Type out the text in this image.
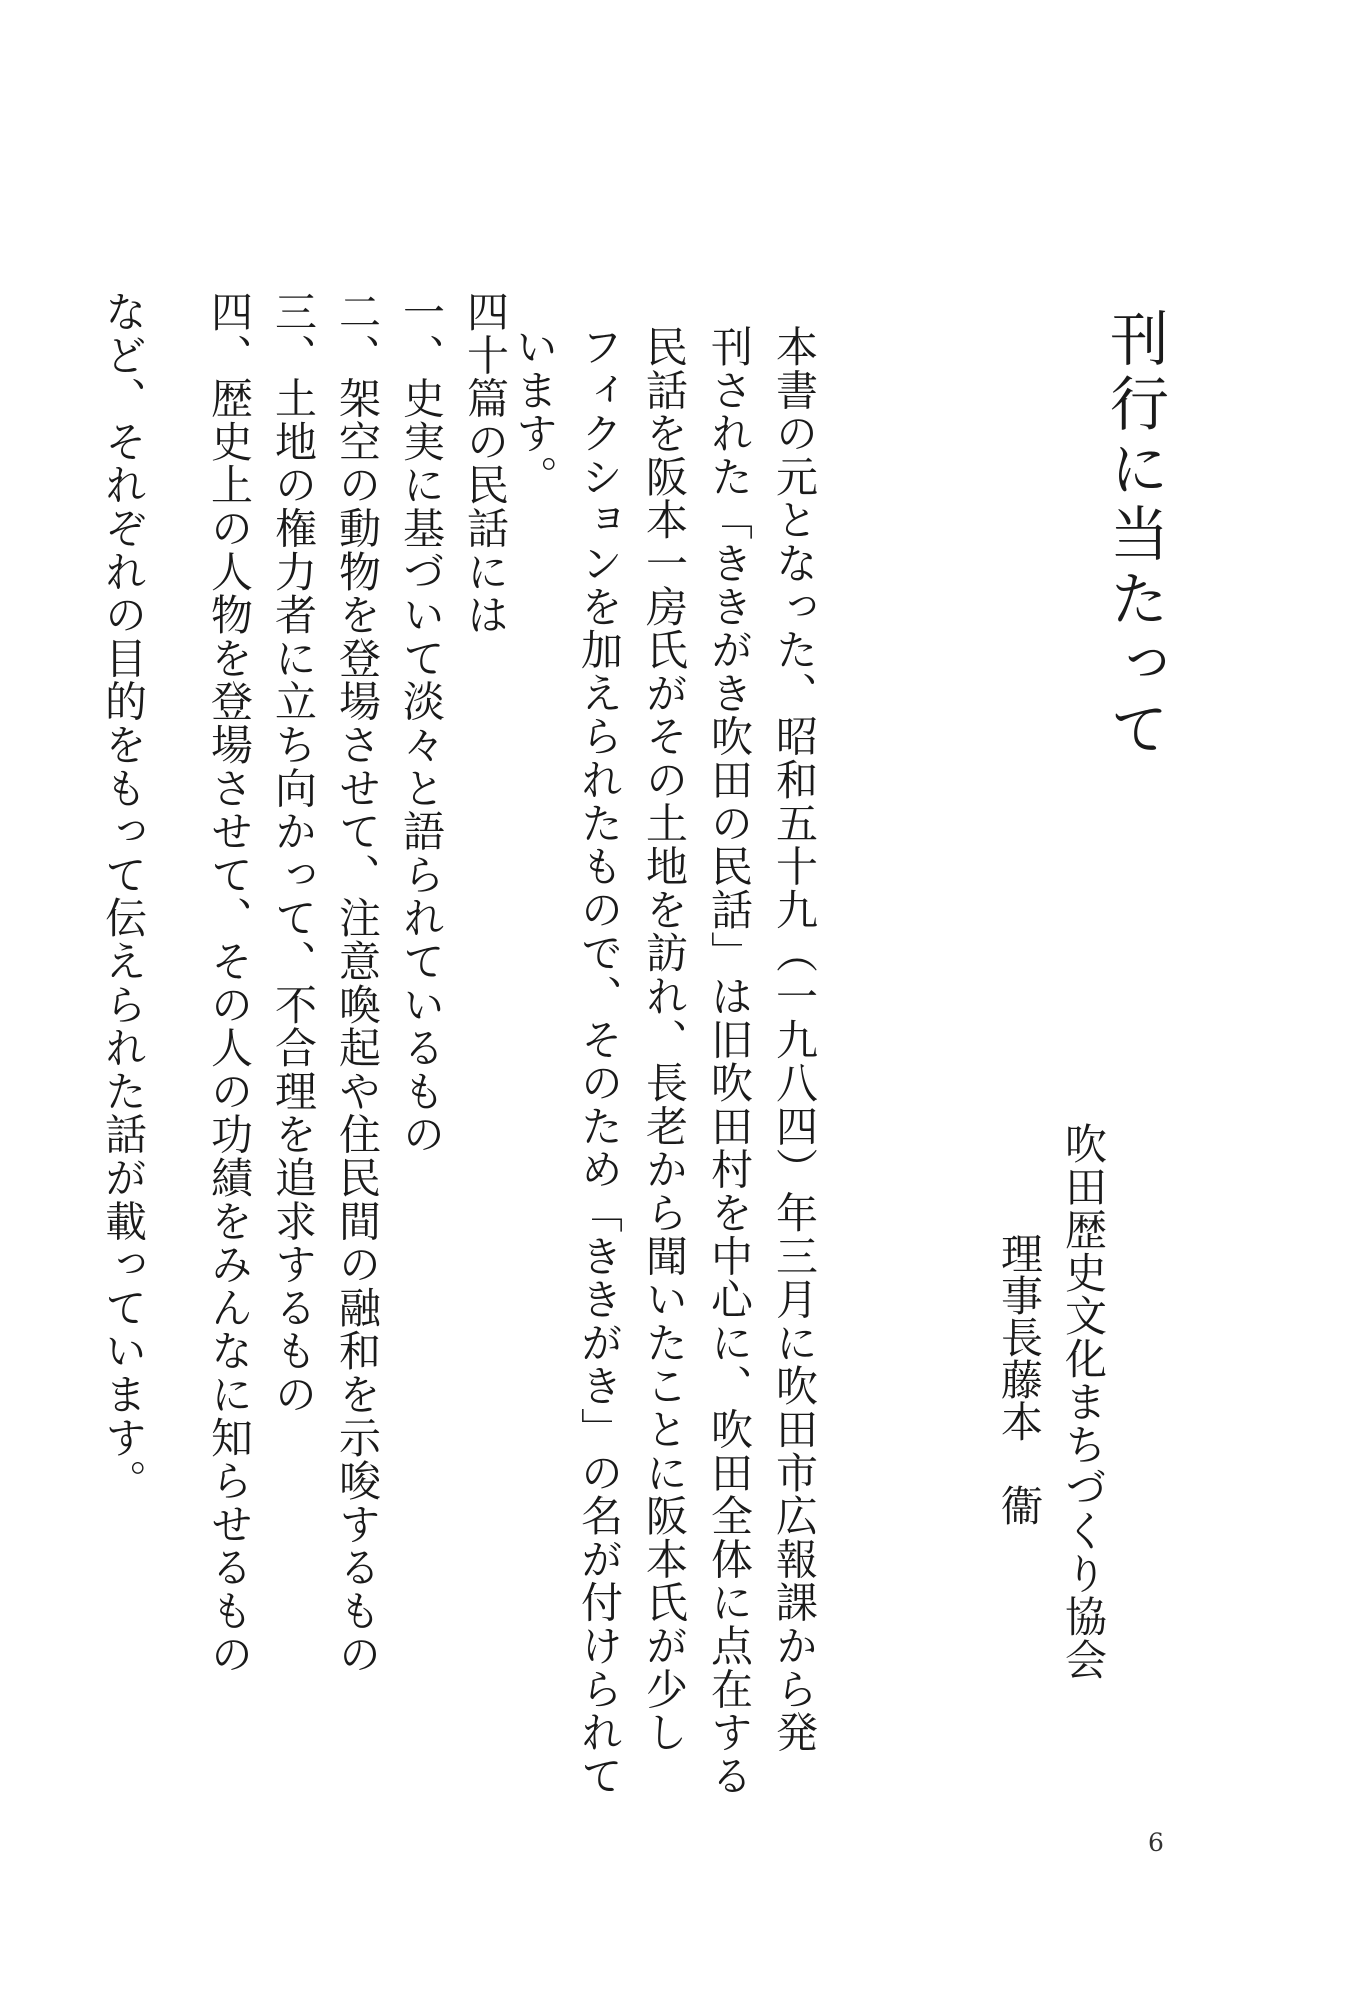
刊行に当たって
吹田歴史文化まちづくり協会
理事長
藤本　衞

本書の元となった、昭和五十九（一九八四）年三月に吹田市広報課から発

刊された「ききがき吹田の民話」は旧吹田村を中心に、吹田全体に点在する

民話を阪本一房氏がその土地を訪れ、長老から聞いたことに阪本氏が少し

フィクションを加えられたもので、そのため「ききがき」の名が付けられて

います。

四十篇の民話には

一、史実に基づいて淡々と語られているもの

二、架空の動物を登場させて、注意喚起や住民間の融和を示唆するもの

三、土地の権力者に立ち向かって、不合理を追求するもの

四、歴史上の人物を登場させて、その人の功績をみんなに知らせるもの

など、それぞれの目的をもって伝えられた話が載っています。

6
